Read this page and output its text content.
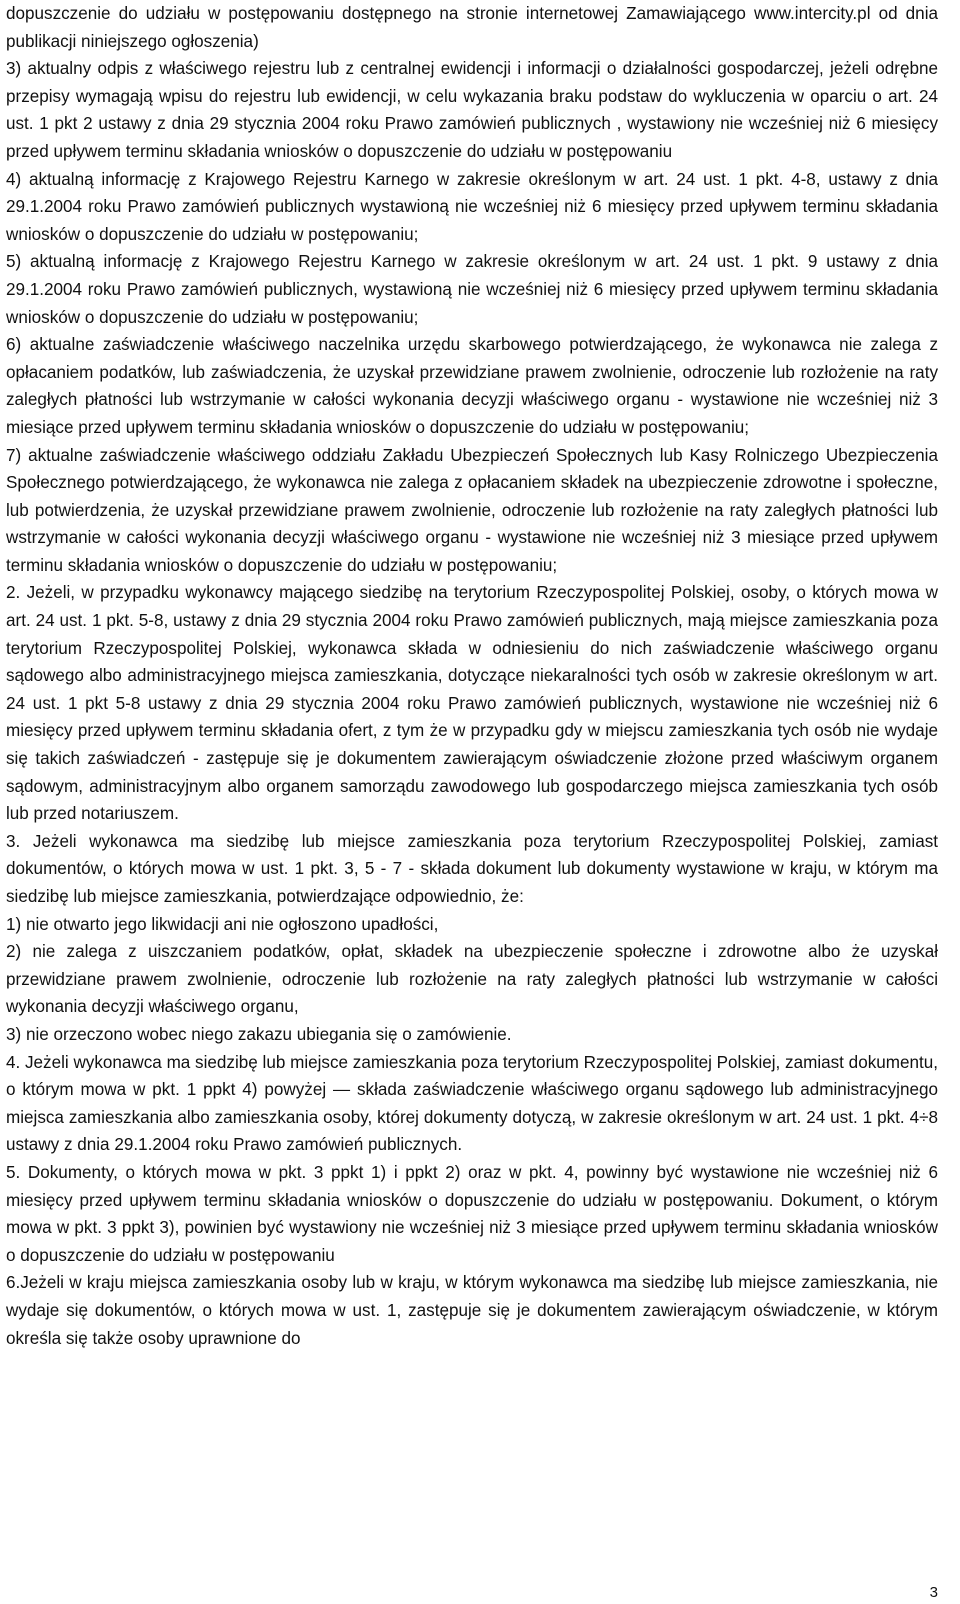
dopuszczenie do udziału w postępowaniu dostępnego na stronie internetowej Zamawiającego www.intercity.pl od dnia publikacji niniejszego ogłoszenia)

3) aktualny odpis z właściwego rejestru lub z centralnej ewidencji i informacji o działalności gospodarczej, jeżeli odrębne przepisy wymagają wpisu do rejestru lub ewidencji, w celu wykazania braku podstaw do wykluczenia w oparciu o art. 24 ust. 1 pkt 2 ustawy z dnia 29 stycznia 2004 roku Prawo zamówień publicznych , wystawiony nie wcześniej niż 6 miesięcy przed upływem terminu składania wniosków o dopuszczenie do udziału w postępowaniu

4) aktualną informację z Krajowego Rejestru Karnego w zakresie określonym w art. 24 ust. 1 pkt. 4-8, ustawy z dnia 29.1.2004 roku Prawo zamówień publicznych wystawioną nie wcześniej niż 6 miesięcy przed upływem terminu składania wniosków o dopuszczenie do udziału w postępowaniu;

5) aktualną informację z Krajowego Rejestru Karnego w zakresie określonym w art. 24 ust. 1 pkt. 9 ustawy z dnia 29.1.2004 roku Prawo zamówień publicznych, wystawioną nie wcześniej niż 6 miesięcy przed upływem terminu składania wniosków o dopuszczenie do udziału w postępowaniu;

6) aktualne zaświadczenie właściwego naczelnika urzędu skarbowego potwierdzającego, że wykonawca nie zalega z opłacaniem podatków, lub zaświadczenia, że uzyskał przewidziane prawem zwolnienie, odroczenie lub rozłożenie na raty zaległych płatności lub wstrzymanie w całości wykonania decyzji właściwego organu - wystawione nie wcześniej niż 3 miesiące przed upływem terminu składania wniosków o dopuszczenie do udziału w postępowaniu;

7) aktualne zaświadczenie właściwego oddziału Zakładu Ubezpieczeń Społecznych lub Kasy Rolniczego Ubezpieczenia Społecznego potwierdzającego, że wykonawca nie zalega z opłacaniem składek na ubezpieczenie zdrowotne i społeczne, lub potwierdzenia, że uzyskał przewidziane prawem zwolnienie, odroczenie lub rozłożenie na raty zaległych płatności lub wstrzymanie w całości wykonania decyzji właściwego organu - wystawione nie wcześniej niż 3 miesiące przed upływem terminu składania wniosków o dopuszczenie do udziału w postępowaniu;

2. Jeżeli, w przypadku wykonawcy mającego siedzibę na terytorium Rzeczypospolitej Polskiej, osoby, o których mowa w art. 24 ust. 1 pkt. 5-8, ustawy z dnia 29 stycznia 2004 roku Prawo zamówień publicznych, mają miejsce zamieszkania poza terytorium Rzeczypospolitej Polskiej, wykonawca składa w odniesieniu do nich zaświadczenie właściwego organu sądowego albo administracyjnego miejsca zamieszkania, dotyczące niekaralności tych osób w zakresie określonym w art. 24 ust. 1 pkt 5-8 ustawy z dnia 29 stycznia 2004 roku Prawo zamówień publicznych, wystawione nie wcześniej niż 6 miesięcy przed upływem terminu składania ofert, z tym że w przypadku gdy w miejscu zamieszkania tych osób nie wydaje się takich zaświadczeń - zastępuje się je dokumentem zawierającym oświadczenie złożone przed właściwym organem sądowym, administracyjnym albo organem samorządu zawodowego lub gospodarczego miejsca zamieszkania tych osób lub przed notariuszem.

3. Jeżeli wykonawca ma siedzibę lub miejsce zamieszkania poza terytorium Rzeczypospolitej Polskiej, zamiast dokumentów, o których mowa w ust. 1 pkt. 3, 5 - 7 - składa dokument lub dokumenty wystawione w kraju, w którym ma siedzibę lub miejsce zamieszkania, potwierdzające odpowiednio, że:

1) nie otwarto jego likwidacji ani nie ogłoszono upadłości,

2) nie zalega z uiszczaniem podatków, opłat, składek na ubezpieczenie społeczne i zdrowotne albo że uzyskał przewidziane prawem zwolnienie, odroczenie lub rozłożenie na raty zaległych płatności lub wstrzymanie w całości wykonania decyzji właściwego organu,

3) nie orzeczono wobec niego zakazu ubiegania się o zamówienie.

4. Jeżeli wykonawca ma siedzibę lub miejsce zamieszkania poza terytorium Rzeczypospolitej Polskiej, zamiast dokumentu, o którym mowa w pkt. 1 ppkt 4) powyżej — składa zaświadczenie właściwego organu sądowego lub administracyjnego miejsca zamieszkania albo zamieszkania osoby, której dokumenty dotyczą, w zakresie określonym w art. 24 ust. 1 pkt. 4÷8 ustawy z dnia 29.1.2004 roku Prawo zamówień publicznych.

5. Dokumenty, o których mowa w pkt. 3 ppkt 1) i ppkt 2) oraz w pkt. 4, powinny być wystawione nie wcześniej niż 6 miesięcy przed upływem terminu składania wniosków o dopuszczenie do udziału w postępowaniu. Dokument, o którym mowa w pkt. 3 ppkt 3), powinien być wystawiony nie wcześniej niż 3 miesiące przed upływem terminu składania wniosków o dopuszczenie do udziału w postępowaniu

6.Jeżeli w kraju miejsca zamieszkania osoby lub w kraju, w którym wykonawca ma siedzibę lub miejsce zamieszkania, nie wydaje się dokumentów, o których mowa w ust. 1, zastępuje się je dokumentem zawierającym oświadczenie, w którym określa się także osoby uprawnione do

3
